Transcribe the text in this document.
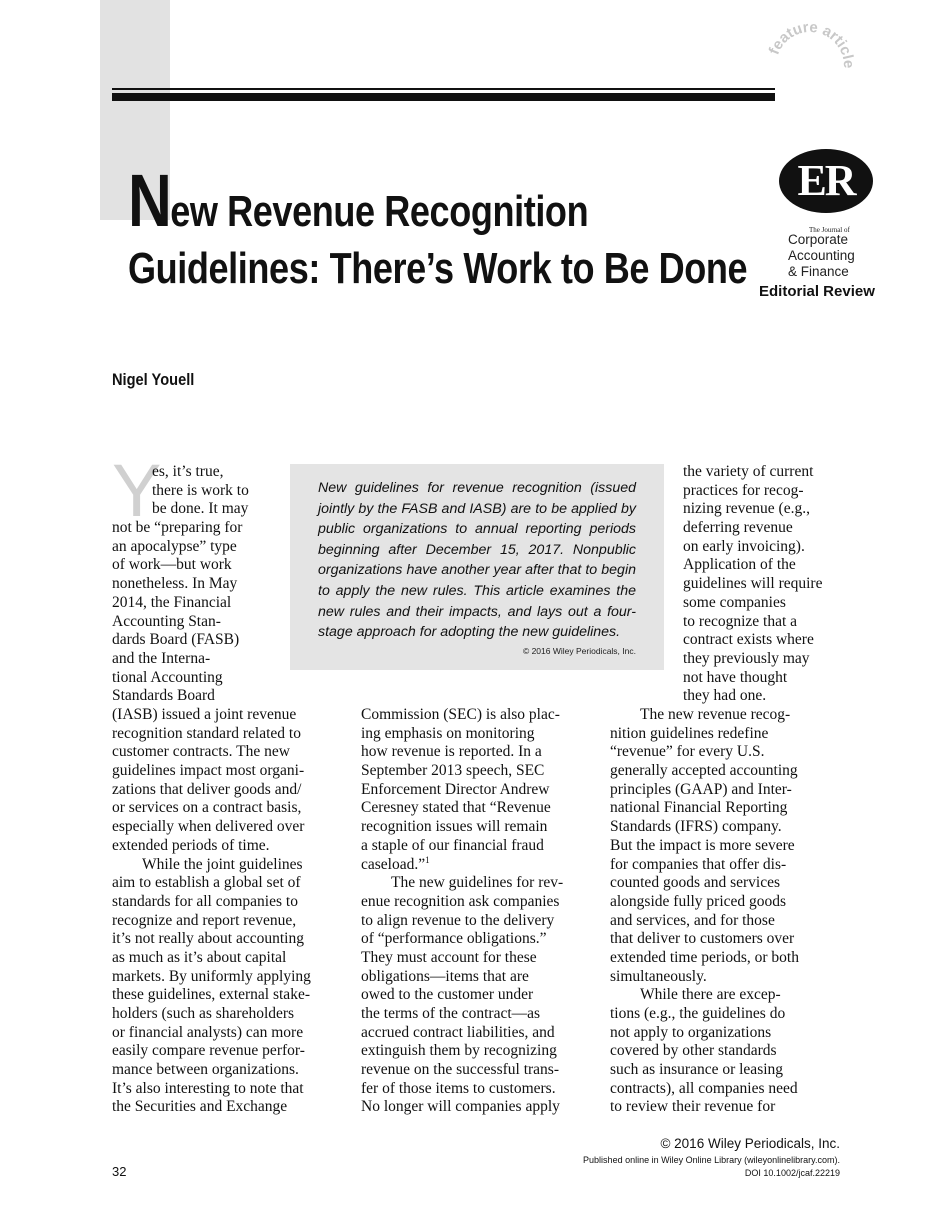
feature article
New Revenue Recognition
Guidelines: There’s Work to Be Done
ER
The Journal of
Corporate
Accounting
& Finance
Editorial Review
Nigel Youell
New guidelines for revenue recognition (issued jointly by the FASB and IASB) are to be applied by public organizations to annual reporting periods beginning after December 15, 2017. Nonpublic organizations have another year after that to begin to apply the new rules. This article examines the new rules and their impacts, and lays out a four-stage approach for adopting the new guidelines.
© 2016 Wiley Periodicals, Inc.
Y
es, it’s true,
there is work to
be done. It may
not be “preparing for
an apocalypse” type
of work—but work
nonetheless. In May
2014, the Financial
Accounting Stan-
dards Board (FASB)
and the Interna-
tional Accounting
Standards Board
(IASB) issued a joint revenue
recognition standard related to
customer contracts. The new
guidelines impact most organi-
zations that deliver goods and/
or services on a contract basis,
especially when delivered over
extended periods of time.
While the joint guidelines
aim to establish a global set of
standards for all companies to
recognize and report revenue,
it’s not really about accounting
as much as it’s about capital
markets. By uniformly applying
these guidelines, external stake-
holders (such as shareholders
or financial analysts) can more
easily compare revenue perfor-
mance between organizations.
It’s also interesting to note that
the Securities and Exchange
Commission (SEC) is also plac-
ing emphasis on monitoring
how revenue is reported. In a
September 2013 speech, SEC
Enforcement Director Andrew
Ceresney stated that “Revenue
recognition issues will remain
a staple of our financial fraud
caseload.”$^1$
The new guidelines for rev-
enue recognition ask companies
to align revenue to the delivery
of “performance obligations.”
They must account for these
obligations—items that are
owed to the customer under
the terms of the contract—as
accrued contract liabilities, and
extinguish them by recognizing
revenue on the successful trans-
fer of those items to customers.
No longer will companies apply
the variety of current
practices for recog-
nizing revenue (e.g.,
deferring revenue
on early invoicing).
Application of the
guidelines will require
some companies
to recognize that a
contract exists where
they previously may
not have thought
they had one.
The new revenue recog-
nition guidelines redefine
“revenue” for every U.S.
generally accepted accounting
principles (GAAP) and Inter-
national Financial Reporting
Standards (IFRS) company.
But the impact is more severe
for companies that offer dis-
counted goods and services
alongside fully priced goods
and services, and for those
that deliver to customers over
extended time periods, or both
simultaneously.
While there are excep-
tions (e.g., the guidelines do
not apply to organizations
covered by other standards
such as insurance or leasing
contracts), all companies need
to review their revenue for
© 2016 Wiley Periodicals, Inc.
Published online in Wiley Online Library (wileyonlinelibrary.com).
DOI 10.1002/jcaf.22219
32
